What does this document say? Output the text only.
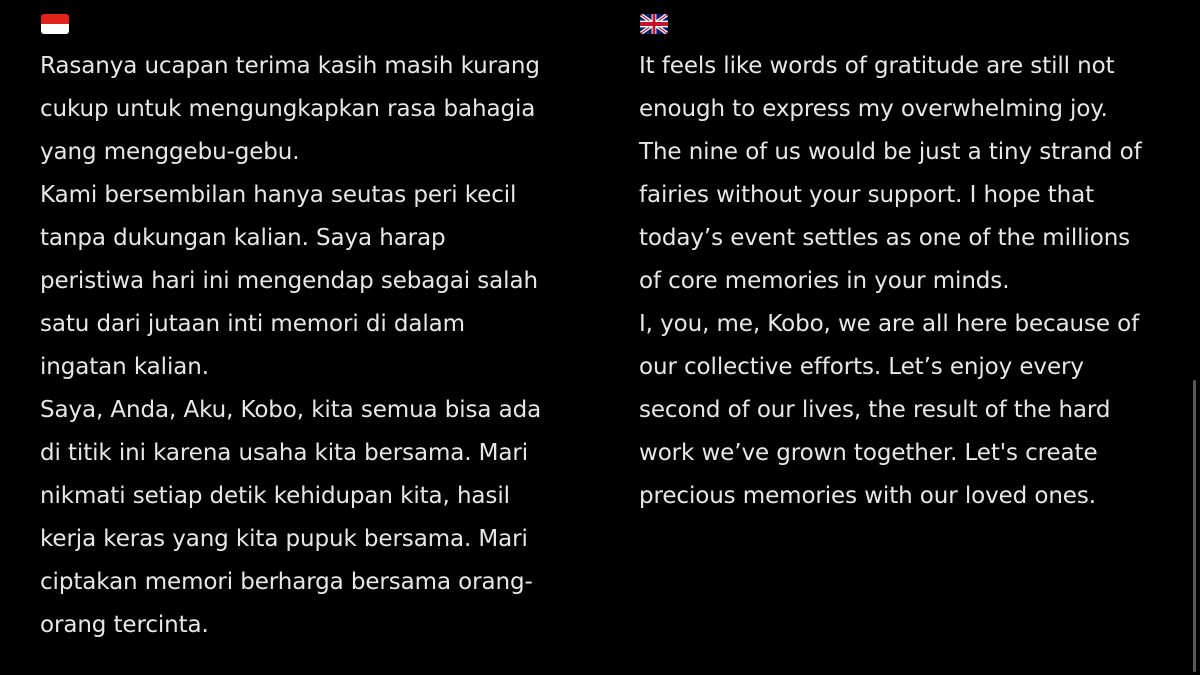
Rasanya ucapan terima kasih masih kurang
cukup untuk mengungkapkan rasa bahagia
yang menggebu-gebu.
Kami bersembilan hanya seutas peri kecil
tanpa dukungan kalian. Saya harap
peristiwa hari ini mengendap sebagai salah
satu dari jutaan inti memori di dalam
ingatan kalian.
Saya, Anda, Aku, Kobo, kita semua bisa ada
di titik ini karena usaha kita bersama. Mari
nikmati setiap detik kehidupan kita, hasil
kerja keras yang kita pupuk bersama. Mari
ciptakan memori berharga bersama orang-
orang tercinta.
It feels like words of gratitude are still not
enough to express my overwhelming joy.
The nine of us would be just a tiny strand of
fairies without your support. I hope that
today’s event settles as one of the millions
of core memories in your minds.
I, you, me, Kobo, we are all here because of
our collective efforts. Let’s enjoy every
second of our lives, the result of the hard
work we’ve grown together. Let's create
precious memories with our loved ones.
